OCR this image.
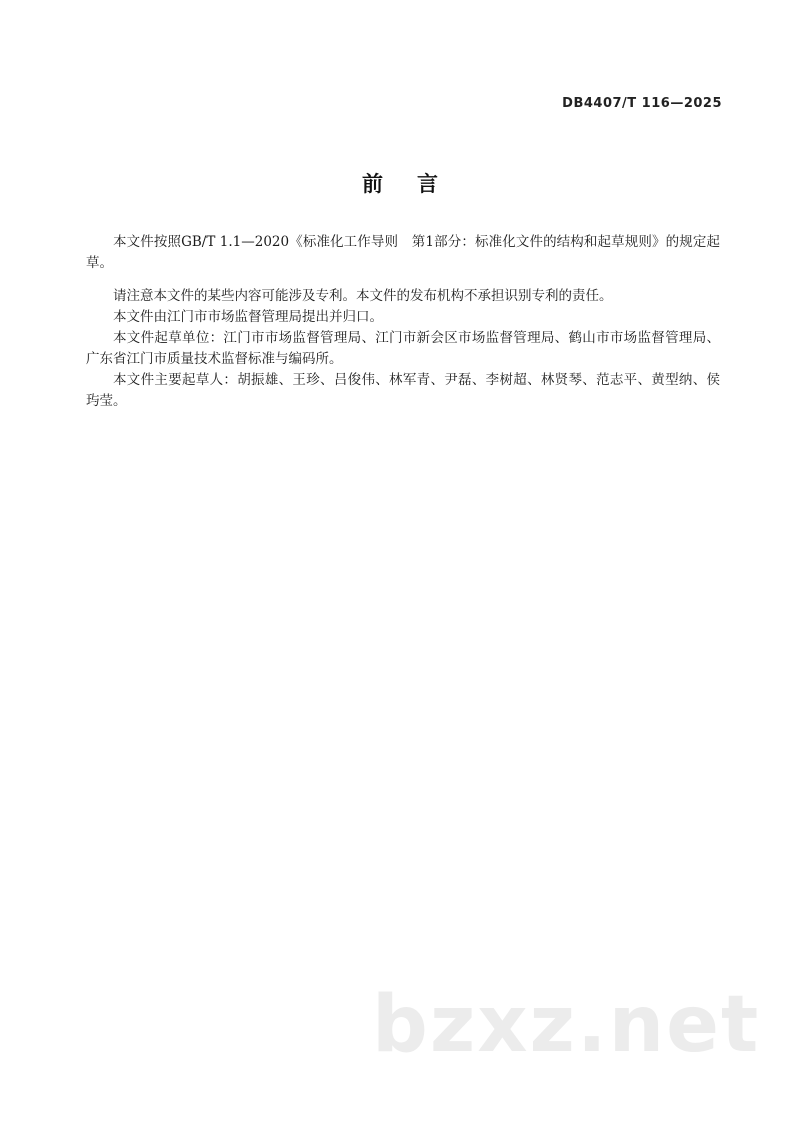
DB4407/T 116—2025
前言

本文件按照GB/T 1.1—2020《标准化工作导则　第1部分：标准化文件的结构和起草规则》的规定起草。

请注意本文件的某些内容可能涉及专利。本文件的发布机构不承担识别专利的责任。

本文件由江门市市场监督管理局提出并归口。

本文件起草单位：江门市市场监督管理局、江门市新会区市场监督管理局、鹤山市市场监督管理局、广东省江门市质量技术监督标准与编码所。

本文件主要起草人：胡振雄、王珍、吕俊伟、林军青、尹磊、李树超、林贤琴、范志平、黄型纳、侯玙莹。

bzxz.net
